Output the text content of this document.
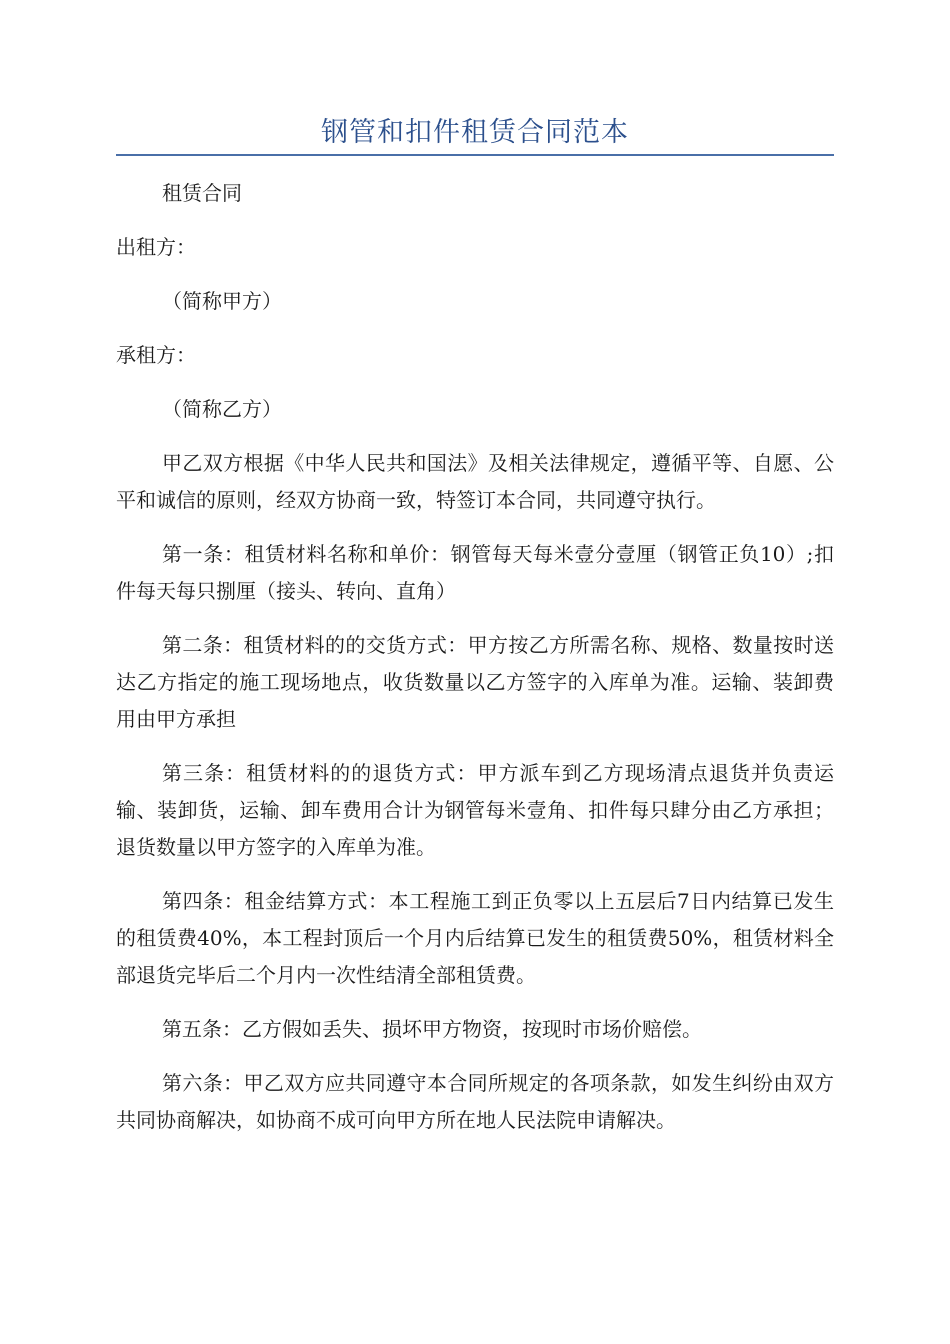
钢管和扣件租赁合同范本

租赁合同

出租方：

（简称甲方）

承租方：

（简称乙方）

甲乙双方根据《中华人民共和国法》及相关法律规定，遵循平等、自愿、公平和诚信的原则，经双方协商一致，特签订本合同，共同遵守执行。

第一条：租赁材料名称和单价：钢管每天每米壹分壹厘（钢管正负10）;扣件每天每只捌厘（接头、转向、直角）

第二条：租赁材料的的交货方式：甲方按乙方所需名称、规格、数量按时送达乙方指定的施工现场地点，收货数量以乙方签字的入库单为准。运输、装卸费用由甲方承担

第三条：租赁材料的的退货方式：甲方派车到乙方现场清点退货并负责运输、装卸货，运输、卸车费用合计为钢管每米壹角、扣件每只肆分由乙方承担；退货数量以甲方签字的入库单为准。

第四条：租金结算方式：本工程施工到正负零以上五层后7日内结算已发生的租赁费40%，本工程封顶后一个月内后结算已发生的租赁费50%，租赁材料全部退货完毕后二个月内一次性结清全部租赁费。

第五条：乙方假如丢失、损坏甲方物资，按现时市场价赔偿。

第六条：甲乙双方应共同遵守本合同所规定的各项条款，如发生纠纷由双方共同协商解决，如协商不成可向甲方所在地人民法院申请解决。
